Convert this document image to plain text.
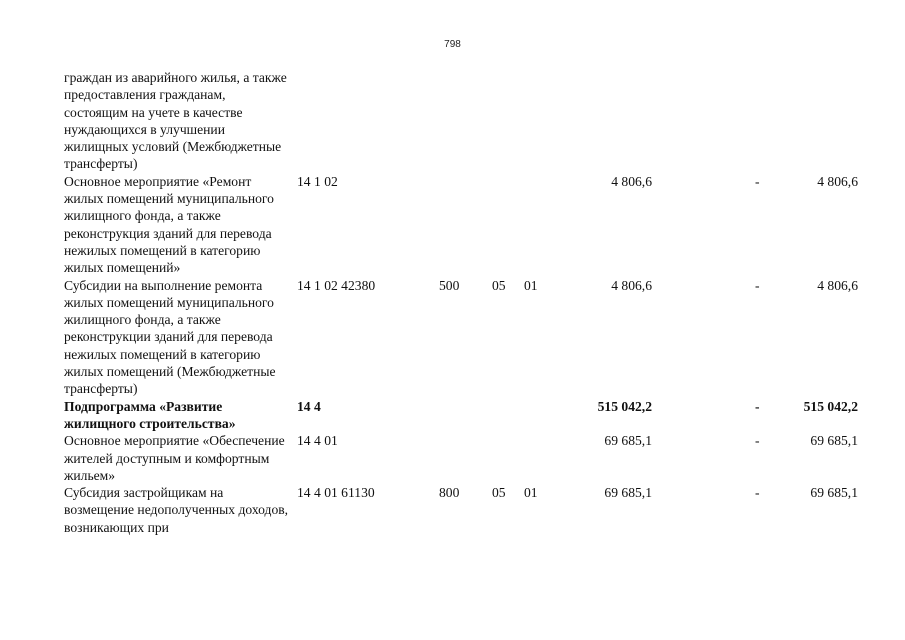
798
граждан из аварийного жилья, а также предоставления гражданам, состоящим на учете в качестве нуждающихся в улучшении жилищных условий (Межбюджетные трансферты)
Основное мероприятие «Ремонт жилых помещений муниципального жилищного фонда, а также реконструкция зданий для перевода нежилых помещений в категорию жилых помещений»
14 1 02	4 806,6	-	4 806,6
Субсидии на выполнение ремонта жилых помещений муниципального жилищного фонда, а также реконструкции зданий для перевода нежилых помещений в категорию жилых помещений (Межбюджетные трансферты)
14 1 02 42380	500 05 01	4 806,6	-	4 806,6
Подпрограмма «Развитие жилищного строительства»
14 4	515 042,2	-	515 042,2
Основное мероприятие «Обеспечение жителей доступным и комфортным жильем»
14 4 01	69 685,1	-	69 685,1
Субсидия застройщикам на возмещение недополученных доходов, возникающих при
14 4 01 61130	800 05 01	69 685,1	-	69 685,1
